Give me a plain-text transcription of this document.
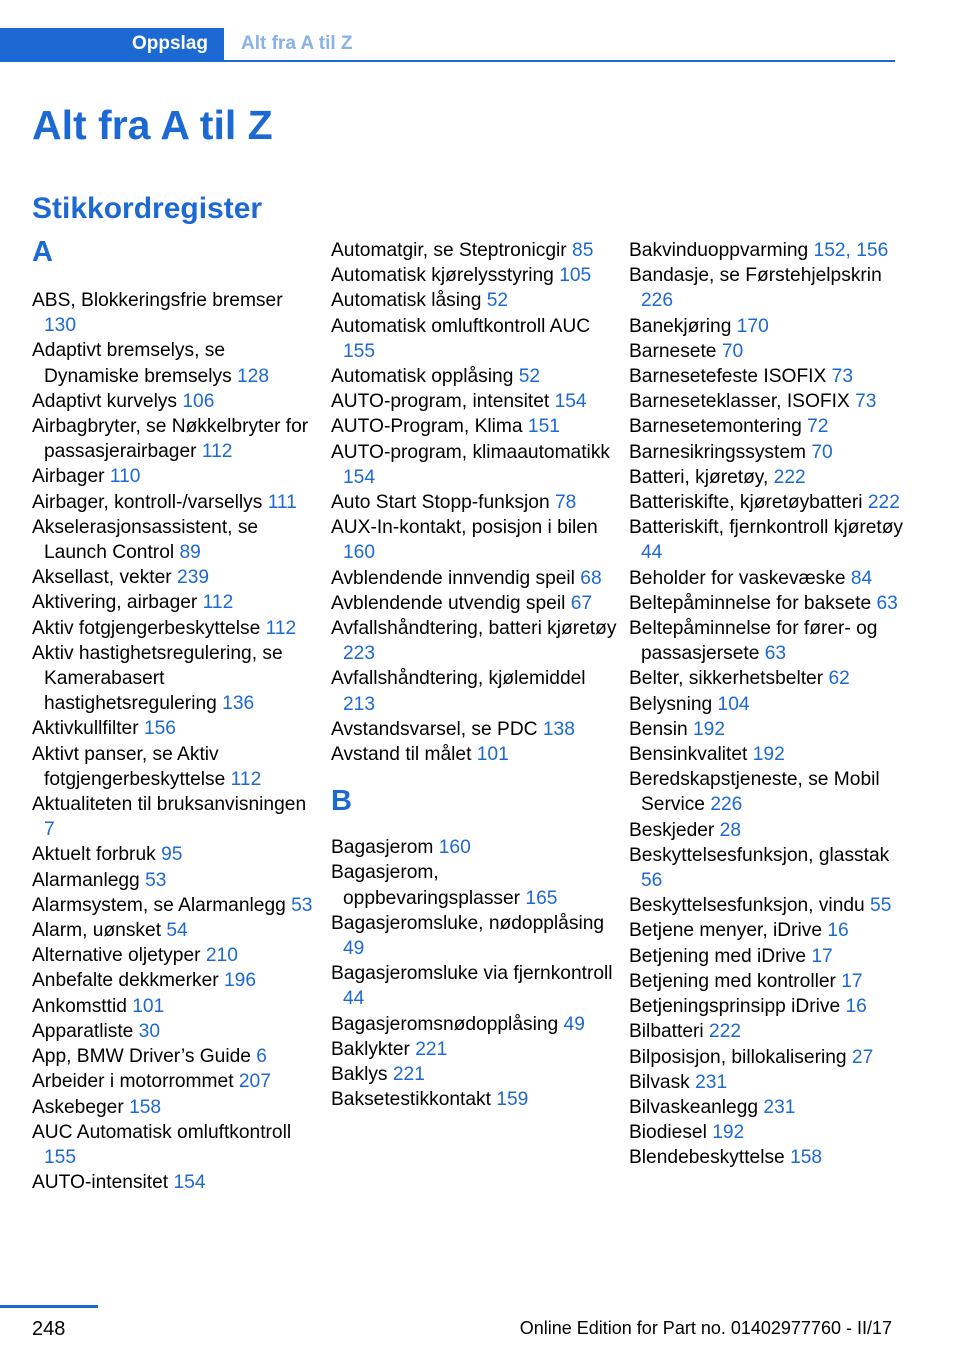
Oppslag Alt fra A til Z
Alt fra A til Z
Stikkordregister
A
ABS, Blokkeringsfrie bremser 130
Adaptivt bremselys, se Dynamiske bremselys 128
Adaptivt kurvelys 106
Airbagbryter, se Nøkkelbryter for passasjerairbager 112
Airbager 110
Airbager, kontroll-/varsellys 111
Akselerasjonsassistent, se Launch Control 89
Aksellast, vekter 239
Aktivering, airbager 112
Aktiv fotgjengerbeskyttelse 112
Aktiv hastighetsregulering, se Kamerabasert hastighetsregulering 136
Aktivkullfilter 156
Aktivt panser, se Aktiv fotgjengerbeskyttelse 112
Aktualiteten til bruksanvisningen 7
Aktuelt forbruk 95
Alarmanlegg 53
Alarmsystem, se Alarmanlegg 53
Alarm, uønsket 54
Alternative oljetyper 210
Anbefalte dekkmerker 196
Ankomsttid 101
Apparatliste 30
App, BMW Driver’s Guide 6
Arbeider i motorrommet 207
Askebeger 158
AUC Automatisk omluftkontroll 155
AUTO-intensitet 154
Automatgir, se Steptronicgir 85
Automatisk kjørelysstyring 105
Automatisk låsing 52
Automatisk omluftkontroll AUC 155
Automatisk opplåsing 52
AUTO-program, intensitet 154
AUTO-Program, Klima 151
AUTO-program, klimaautomatikk 154
Auto Start Stopp-funksjon 78
AUX-In-kontakt, posisjon i bilen 160
Avblendende innvendig speil 68
Avblendende utvendig speil 67
Avfallshåndtering, batteri kjøretøy 223
Avfallshåndtering, kjølemiddel 213
Avstandsvarsel, se PDC 138
Avstand til målet 101
B
Bagasjerom 160
Bagasjerom, oppbevaringsplasser 165
Bagasjeromsluke, nødopplåsing 49
Bagasjeromsluke via fjernkontroll 44
Bagasjeromsnødopplåsing 49
Baklykter 221
Baklys 221
Baksetestikkontakt 159
Bakvinduoppvarming 152, 156
Bandasje, se Førstehjelpskrin 226
Banekjøring 170
Barnesete 70
Barnesetefeste ISOFIX 73
Barneseteklasser, ISOFIX 73
Barnesetemontering 72
Barnesikringssystem 70
Batteri, kjøretøy, 222
Batteriskifte, kjøretøybatteri 222
Batteriskift, fjernkontroll kjøretøy 44
Beholder for vaskevæske 84
Beltepåminnelse for baksete 63
Beltepåminnelse for fører- og passasjersete 63
Belter, sikkerhetsbelter 62
Belysning 104
Bensin 192
Bensinkvalitet 192
Beredskapstjeneste, se Mobil Service 226
Beskjeder 28
Beskyttelsesfunksjon, glasstak 56
Beskyttelsesfunksjon, vindu 55
Betjene menyer, iDrive 16
Betjening med iDrive 17
Betjening med kontroller 17
Betjeningsprinsipp iDrive 16
Bilbatteri 222
Bilposisjon, billokalisering 27
Bilvask 231
Bilvaskeanlegg 231
Biodiesel 192
Blendebeskyttelse 158
248	Online Edition for Part no. 01402977760 - II/17
